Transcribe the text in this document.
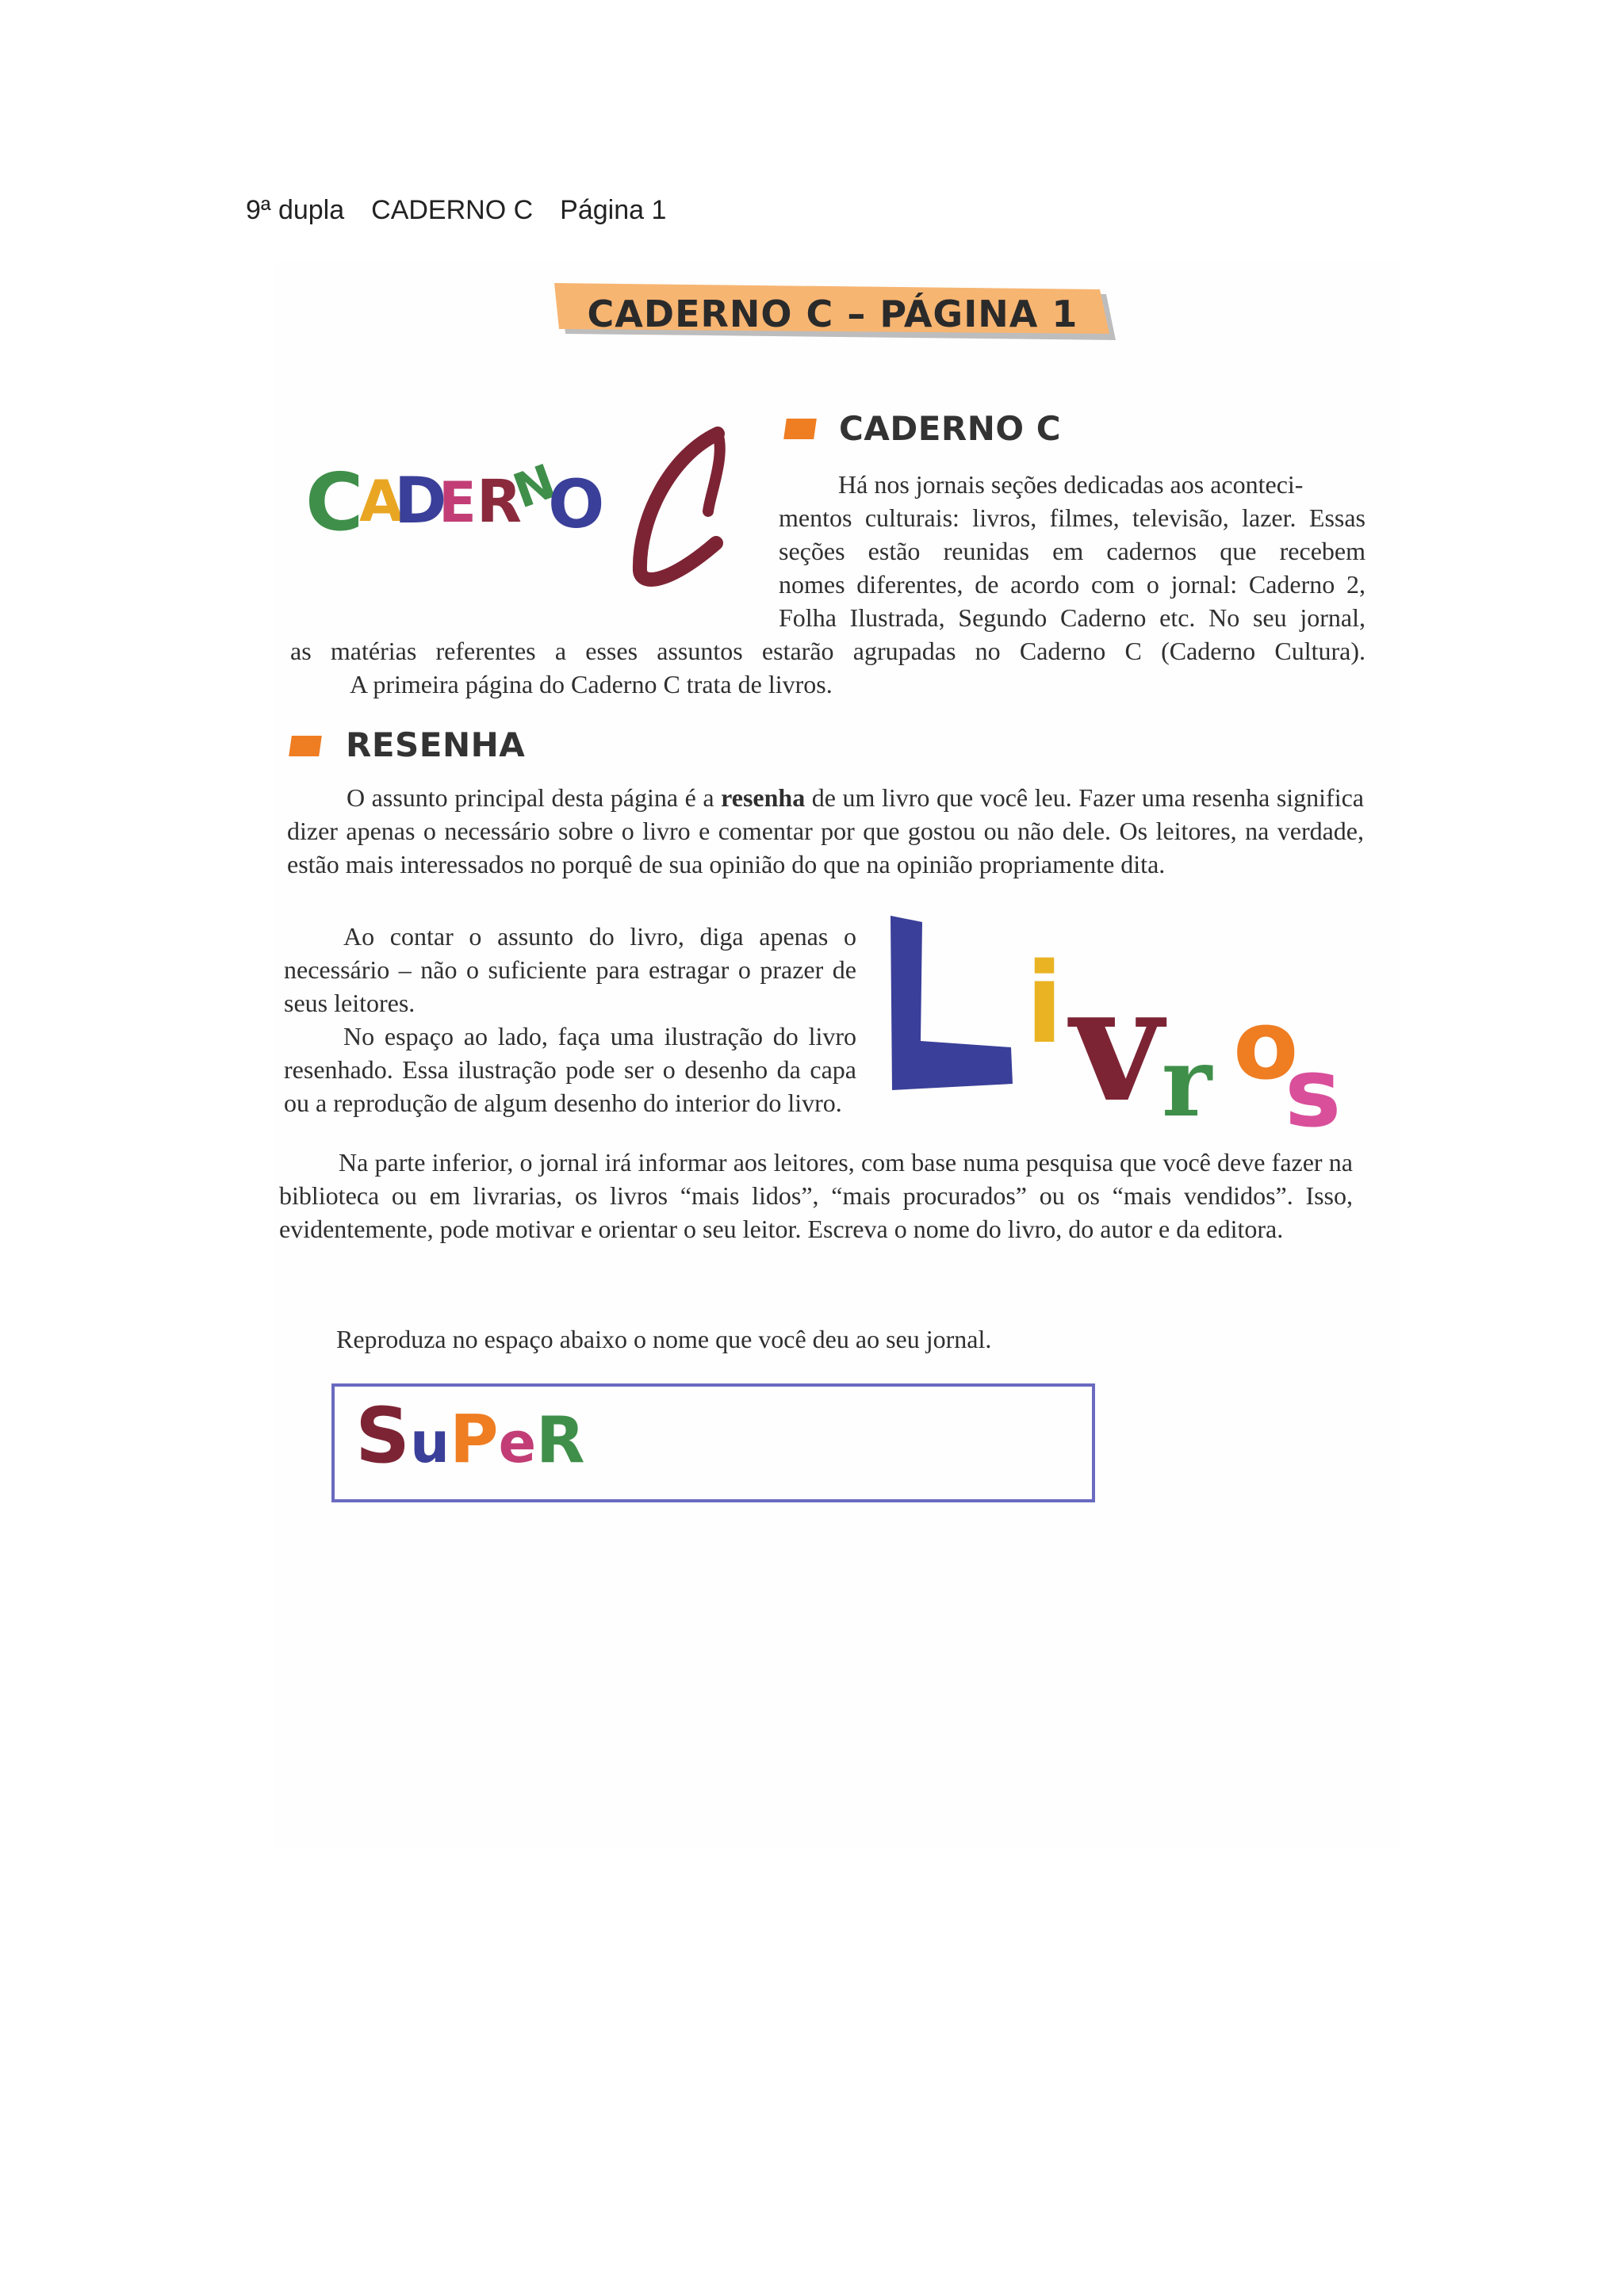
9ª dupla CADERNO C Página 1
CADERNO C – PÁGINA 1
C
A
D
E R
N
O
CADERNO C
Há nos jornais seções dedicadas aos aconteci-
mentos culturais: livros, filmes, televisão, lazer. Essas
seções estão reunidas em cadernos que recebem
nomes diferentes, de acordo com o jornal: Caderno 2,
Folha Ilustrada, Segundo Caderno etc. No seu jornal,
as matérias referentes a esses assuntos estarão agrupadas no Caderno C (Caderno Cultura).
A primeira página do Caderno C trata de livros.
RESENHA

O assunto principal desta página é a resenha de um livro que você leu. Fazer uma resenha significa dizer apenas o necessário sobre o livro e comentar por que gostou ou não dele. Os leitores, na verdade, estão mais interessados no porquê de sua opinião do que na opinião propriamente dita.

Ao contar o assunto do livro, diga apenas o necessário – não o suficiente para estragar o prazer de seus leitores.

No espaço ao lado, faça uma ilustração do livro resenhado. Essa ilustração pode ser o desenho da capa ou a reprodução de algum desenho do interior do livro.

i v
r o
s

Na parte inferior, o jornal irá informar aos leitores, com base numa pesquisa que você deve fazer na biblioteca ou em livrarias, os livros “mais lidos”, “mais procurados” ou os “mais vendidos”. Isso, evidentemente, pode motivar e orientar o seu leitor. Escreva o nome do livro, do autor e da editora.

Reproduza no espaço abaixo o nome que você deu ao seu jornal.
SuPeR
